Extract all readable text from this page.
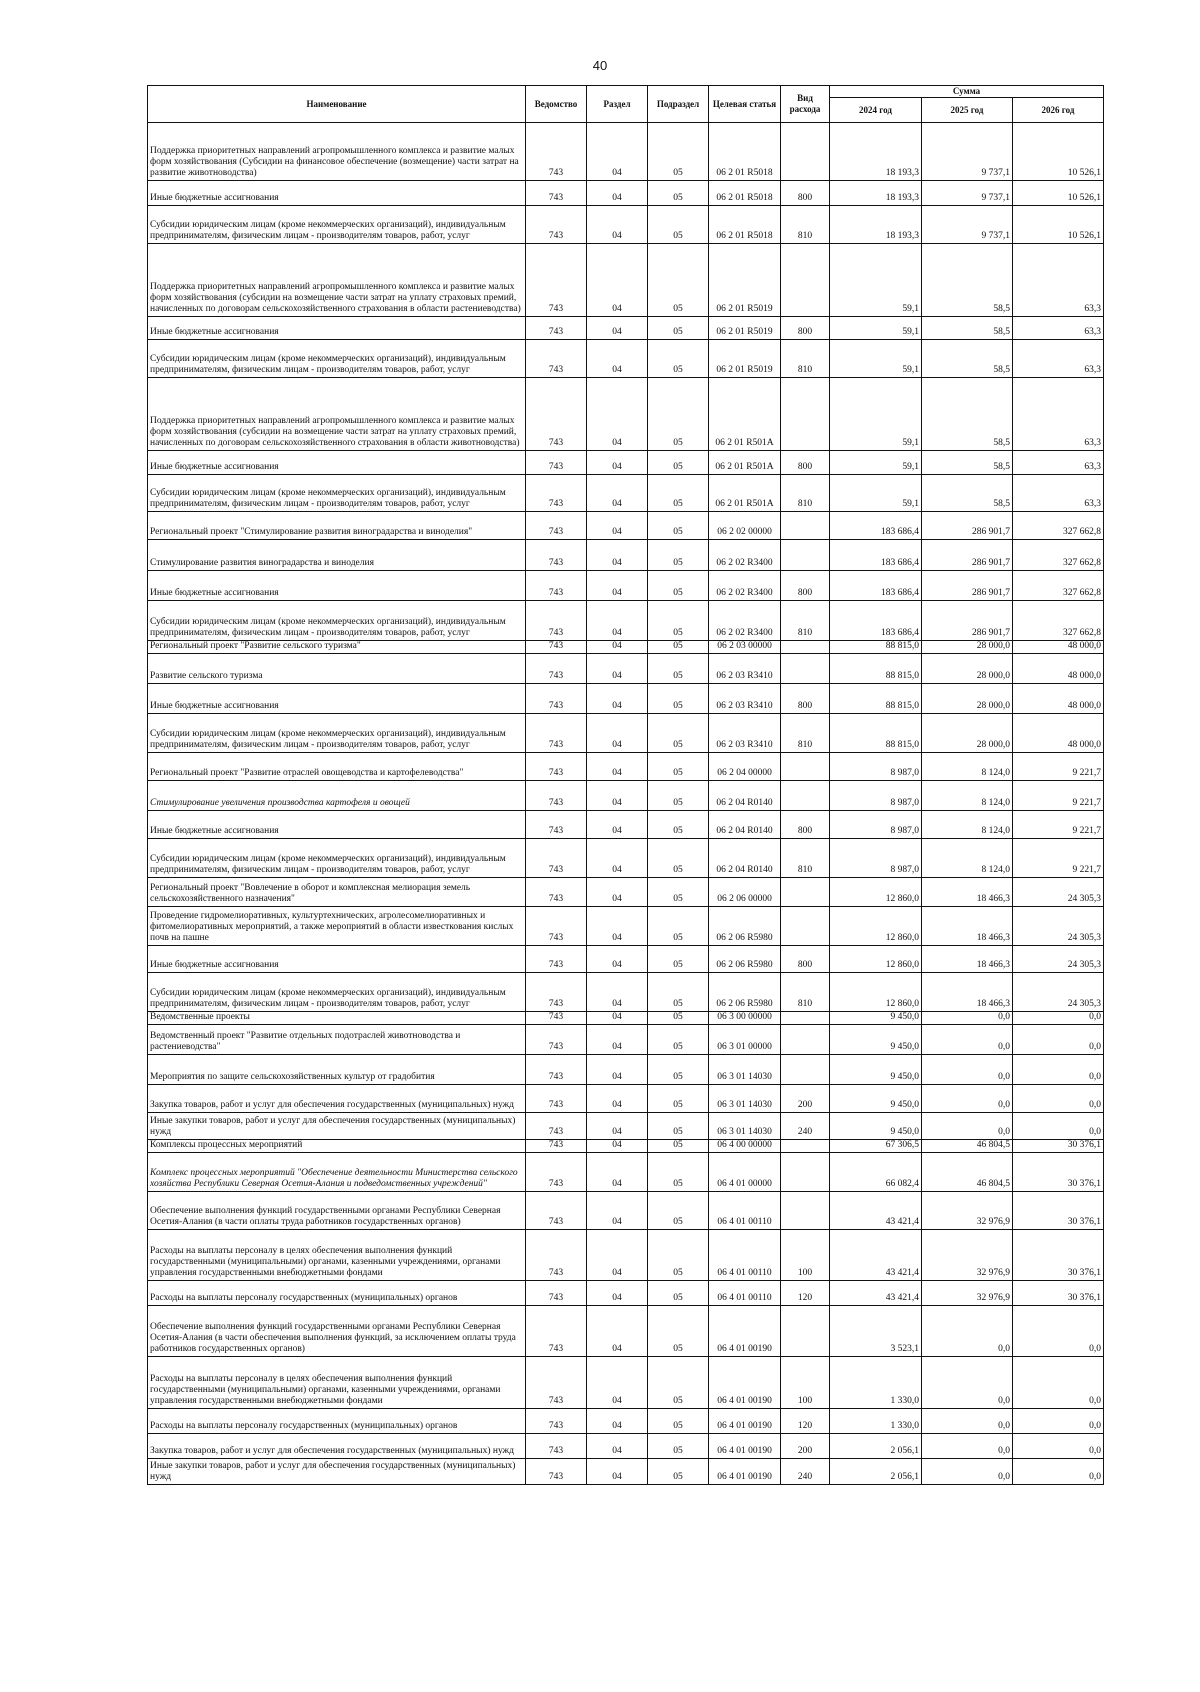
40
Наименование	Ведомство	Раздел	Подраздел	Целевая статья	Вид расхода	Сумма		
						2024 год	2025 год	2026 год
Поддержка приоритетных направлений агропромышленного комплекса и развитие малых форм хозяйствования (Субсидии на финансовое обеспечение (возмещение) части затрат на развитие животноводства)	743	04	05	06 2 01 R5018		18 193,3	9 737,1	10 526,1
Иные бюджетные ассигнования	743	04	05	06 2 01 R5018	800	18 193,3	9 737,1	10 526,1
Субсидии юридическим лицам (кроме некоммерческих организаций), индивидуальным предпринимателям, физическим лицам - производителям товаров, работ, услуг	743	04	05	06 2 01 R5018	810	18 193,3	9 737,1	10 526,1
Поддержка приоритетных направлений агропромышленного комплекса и развитие малых форм хозяйствования (субсидии на возмещение части затрат на уплату страховых премий, начисленных по договорам сельскохозяйственного страхования в области растениеводства)	743	04	05	06 2 01 R5019		59,1	58,5	63,3
Иные бюджетные ассигнования	743	04	05	06 2 01 R5019	800	59,1	58,5	63,3
Субсидии юридическим лицам (кроме некоммерческих организаций), индивидуальным предпринимателям, физическим лицам - производителям товаров, работ, услуг	743	04	05	06 2 01 R5019	810	59,1	58,5	63,3
Поддержка приоритетных направлений агропромышленного комплекса и развитие малых форм хозяйствования (субсидии на возмещение части затрат на уплату страховых премий, начисленных по договорам сельскохозяйственного страхования в области животноводства)	743	04	05	06 2 01 R501A		59,1	58,5	63,3
Иные бюджетные ассигнования	743	04	05	06 2 01 R501A	800	59,1	58,5	63,3
Субсидии юридическим лицам (кроме некоммерческих организаций), индивидуальным предпринимателям, физическим лицам - производителям товаров, работ, услуг	743	04	05	06 2 01 R501A	810	59,1	58,5	63,3
Региональный проект "Стимулирование развития виноградарства и виноделия"	743	04	05	06 2 02 00000		183 686,4	286 901,7	327 662,8
Стимулирование развития виноградарства и виноделия	743	04	05	06 2 02 R3400		183 686,4	286 901,7	327 662,8
Иные бюджетные ассигнования	743	04	05	06 2 02 R3400	800	183 686,4	286 901,7	327 662,8
Субсидии юридическим лицам (кроме некоммерческих организаций), индивидуальным предпринимателям, физическим лицам - производителям товаров, работ, услуг	743	04	05	06 2 02 R3400	810	183 686,4	286 901,7	327 662,8
Региональный проект "Развитие сельского туризма"	743	04	05	06 2 03 00000		88 815,0	28 000,0	48 000,0
Развитие сельского туризма	743	04	05	06 2 03 R3410		88 815,0	28 000,0	48 000,0
Иные бюджетные ассигнования	743	04	05	06 2 03 R3410	800	88 815,0	28 000,0	48 000,0
Субсидии юридическим лицам (кроме некоммерческих организаций), индивидуальным предпринимателям, физическим лицам - производителям товаров, работ, услуг	743	04	05	06 2 03 R3410	810	88 815,0	28 000,0	48 000,0
Региональный проект "Развитие отраслей овощеводства и картофелеводства"	743	04	05	06 2 04 00000		8 987,0	8 124,0	9 221,7
Стимулирование увеличения производства картофеля и овощей	743	04	05	06 2 04 R0140		8 987,0	8 124,0	9 221,7
Иные бюджетные ассигнования	743	04	05	06 2 04 R0140	800	8 987,0	8 124,0	9 221,7
Субсидии юридическим лицам (кроме некоммерческих организаций), индивидуальным предпринимателям, физическим лицам - производителям товаров, работ, услуг	743	04	05	06 2 04 R0140	810	8 987,0	8 124,0	9 221,7
Региональный проект "Вовлечение в оборот и комплексная мелиорация земель сельскохозяйственного назначения"	743	04	05	06 2 06 00000		12 860,0	18 466,3	24 305,3
Проведение гидромелиоративных, культуртехнических, агролесомелиоративных и фитомелиоративных мероприятий, а также мероприятий в области известкования кислых почв на пашне	743	04	05	06 2 06 R5980		12 860,0	18 466,3	24 305,3
Иные бюджетные ассигнования	743	04	05	06 2 06 R5980	800	12 860,0	18 466,3	24 305,3
Субсидии юридическим лицам (кроме некоммерческих организаций), индивидуальным предпринимателям, физическим лицам - производителям товаров, работ, услуг	743	04	05	06 2 06 R5980	810	12 860,0	18 466,3	24 305,3
Ведомственные проекты	743	04	05	06 3 00 00000		9 450,0	0,0	0,0
Ведомственный проект "Развитие отдельных подотраслей животноводства и растениеводства"	743	04	05	06 3 01 00000		9 450,0	0,0	0,0
Мероприятия по защите сельскохозяйственных культур от градобития	743	04	05	06 3 01 14030		9 450,0	0,0	0,0
Закупка товаров, работ и услуг для обеспечения государственных (муниципальных) нужд	743	04	05	06 3 01 14030	200	9 450,0	0,0	0,0
Иные закупки товаров, работ и услуг для обеспечения государственных (муниципальных) нужд	743	04	05	06 3 01 14030	240	9 450,0	0,0	0,0
Комплексы процессных мероприятий	743	04	05	06 4 00 00000		67 306,5	46 804,5	30 376,1
Комплекс процессных мероприятий "Обеспечение деятельности Министерства сельского хозяйства Республики Северная Осетия-Алания и подведомственных учреждений"	743	04	05	06 4 01 00000		66 082,4	46 804,5	30 376,1
Обеспечение выполнения функций государственными органами Республики Северная Осетия-Алания (в части оплаты труда работников государственных органов)	743	04	05	06 4 01 00110		43 421,4	32 976,9	30 376,1
Расходы на выплаты персоналу в целях обеспечения выполнения функций государственными (муниципальными) органами, казенными учреждениями, органами управления государственными внебюджетными фондами	743	04	05	06 4 01 00110	100	43 421,4	32 976,9	30 376,1
Расходы на выплаты персоналу государственных (муниципальных) органов	743	04	05	06 4 01 00110	120	43 421,4	32 976,9	30 376,1
Обеспечение выполнения функций государственными органами Республики Северная Осетия-Алания (в части обеспечения выполнения функций, за исключением оплаты труда работников государственных органов)	743	04	05	06 4 01 00190		3 523,1	0,0	0,0
Расходы на выплаты персоналу в целях обеспечения выполнения функций государственными (муниципальными) органами, казенными учреждениями, органами управления государственными внебюджетными фондами	743	04	05	06 4 01 00190	100	1 330,0	0,0	0,0
Расходы на выплаты персоналу государственных (муниципальных) органов	743	04	05	06 4 01 00190	120	1 330,0	0,0	0,0
Закупка товаров, работ и услуг для обеспечения государственных (муниципальных) нужд	743	04	05	06 4 01 00190	200	2 056,1	0,0	0,0
Иные закупки товаров, работ и услуг для обеспечения государственных (муниципальных) нужд	743	04	05	06 4 01 00190	240	2 056,1	0,0	0,0
